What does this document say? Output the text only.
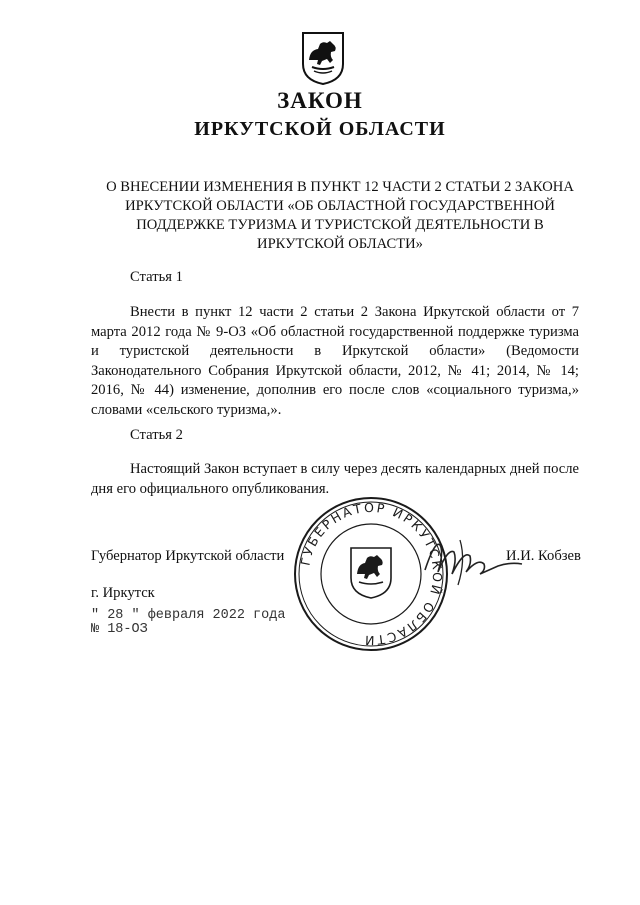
ЗАКОН
ИРКУТСКОЙ ОБЛАСТИ
О ВНЕСЕНИИ ИЗМЕНЕНИЯ В ПУНКТ 12 ЧАСТИ 2 СТАТЬИ 2 ЗАКОНА ИРКУТСКОЙ ОБЛАСТИ «ОБ ОБЛАСТНОЙ ГОСУДАРСТВЕННОЙ ПОДДЕРЖКЕ ТУРИЗМА И ТУРИСТСКОЙ ДЕЯТЕЛЬНОСТИ В ИРКУТСКОЙ ОБЛАСТИ»
Статья 1
Внести в пункт 12 части 2 статьи 2 Закона Иркутской области от 7 марта 2012 года № 9-ОЗ «Об областной государственной поддержке туризма и туристской деятельности в Иркутской области» (Ведомости Законодательного Собрания Иркутской области, 2012, № 41; 2014, № 14; 2016, № 44) изменение, дополнив его после слов «социального туризма,» словами «сельского туризма,».
Статья 2
Настоящий Закон вступает в силу через десять календарных дней после дня его официального опубликования.
ГУБЕРНАТОР ИРКУТСКОЙ ОБЛАСТИ
Губернатор Иркутской области	И.И. Кобзев
г. Иркутск
" 28 " февраля 2022 года
№ 18-ОЗ
